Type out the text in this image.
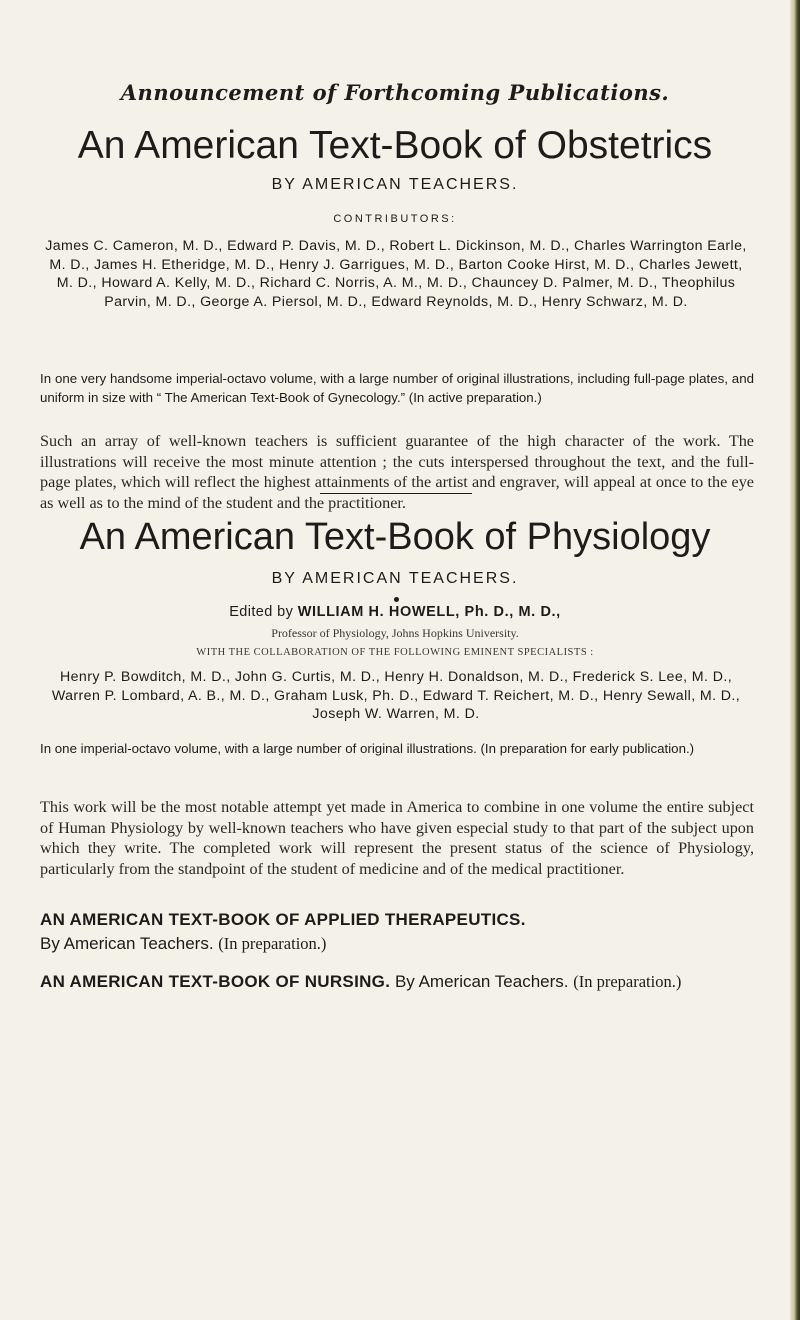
Announcement of Forthcoming Publications.
An American Text-Book of Obstetrics
BY AMERICAN TEACHERS.
CONTRIBUTORS:
James C. Cameron, M. D., Edward P. Davis, M. D., Robert L. Dickinson, M. D., Charles Warrington Earle, M. D., James H. Etheridge, M. D., Henry J. Garrigues, M. D., Barton Cooke Hirst, M. D., Charles Jewett, M. D., Howard A. Kelly, M. D., Richard C. Norris, A. M., M. D., Chauncey D. Palmer, M. D., Theophilus Parvin, M. D., George A. Piersol, M. D., Edward Reynolds, M. D., Henry Schwarz, M. D.
In one very handsome imperial-octavo volume, with a large number of original illustrations, including full-page plates, and uniform in size with “ The American Text-Book of Gynecology.” (In active preparation.)
Such an array of well-known teachers is sufficient guarantee of the high character of the work. The illustrations will receive the most minute attention ; the cuts interspersed throughout the text, and the full-page plates, which will reflect the highest attainments of the artist and engraver, will appeal at once to the eye as well as to the mind of the student and the practitioner.
An American Text-Book of Physiology
BY AMERICAN TEACHERS.
Edited by WILLIAM H. HOWELL, Ph. D., M. D.,
Professor of Physiology, Johns Hopkins University.
WITH THE COLLABORATION OF THE FOLLOWING EMINENT SPECIALISTS :
Henry P. Bowditch, M. D., John G. Curtis, M. D., Henry H. Donaldson, M. D., Frederick S. Lee, M. D., Warren P. Lombard, A. B., M. D., Graham Lusk, Ph. D., Edward T. Reichert, M. D., Henry Sewall, M. D., Joseph W. Warren, M. D.
In one imperial-octavo volume, with a large number of original illustrations. (In preparation for early publication.)
This work will be the most notable attempt yet made in America to combine in one volume the entire subject of Human Physiology by well-known teachers who have given especial study to that part of the subject upon which they write. The completed work will represent the present status of the science of Physiology, particularly from the standpoint of the student of medicine and of the medical practitioner.
AN AMERICAN TEXT-BOOK OF APPLIED THERAPEUTICS.
By American Teachers. (In preparation.)
AN AMERICAN TEXT-BOOK OF NURSING. By American Teachers. (In preparation.)
